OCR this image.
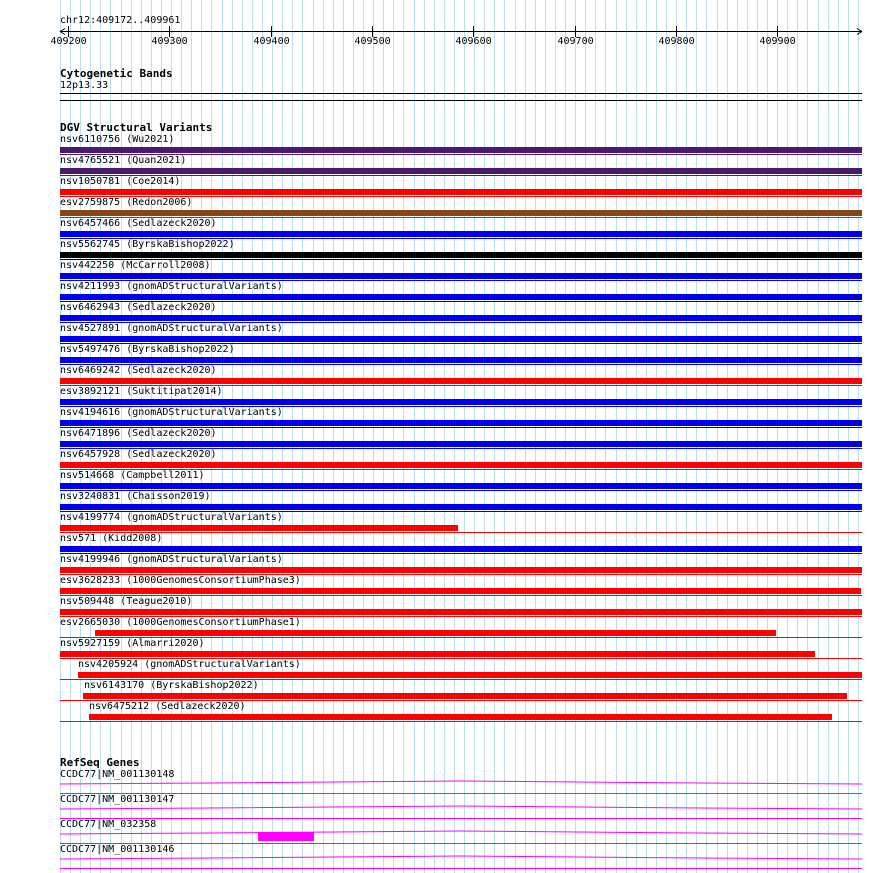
chr12:409172..409961
409200	409300	409400	409500	409600	409700	409800	409900
Cytogenetic Bands
12p13.33
DGV Structural Variants
nsv6110756 (Wu2021)
nsv4765521 (Quan2021)
nsv1050781 (Coe2014)
esv2759875 (Redon2006)
nsv6457466 (Sedlazeck2020)
nsv5562745 (ByrskaBishop2022)
nsv442250 (McCarroll2008)
nsv4211993 (gnomADStructuralVariants)
nsv6462943 (Sedlazeck2020)
nsv4527891 (gnomADStructuralVariants)
nsv5497476 (ByrskaBishop2022)
nsv6469242 (Sedlazeck2020)
esv3892121 (Suktitipat2014)
nsv4194616 (gnomADStructuralVariants)
nsv6471896 (Sedlazeck2020)
nsv6457928 (Sedlazeck2020)
nsv514668 (Campbell2011)
nsv3240831 (Chaisson2019)
nsv4199774 (gnomADStructuralVariants)
nsv571 (Kidd2008)
nsv4199946 (gnomADStructuralVariants)
esv3628233 (1000GenomesConsortiumPhase3)
nsv509448 (Teague2010)
esv2665030 (1000GenomesConsortiumPhase1)
nsv5927159 (Almarri2020)
nsv4205924 (gnomADStructuralVariants)
nsv6143170 (ByrskaBishop2022)
nsv6475212 (Sedlazeck2020)
RefSeq Genes
CCDC77|NM_001130148
CCDC77|NM_001130147
CCDC77|NM_032358
CCDC77|NM_001130146
